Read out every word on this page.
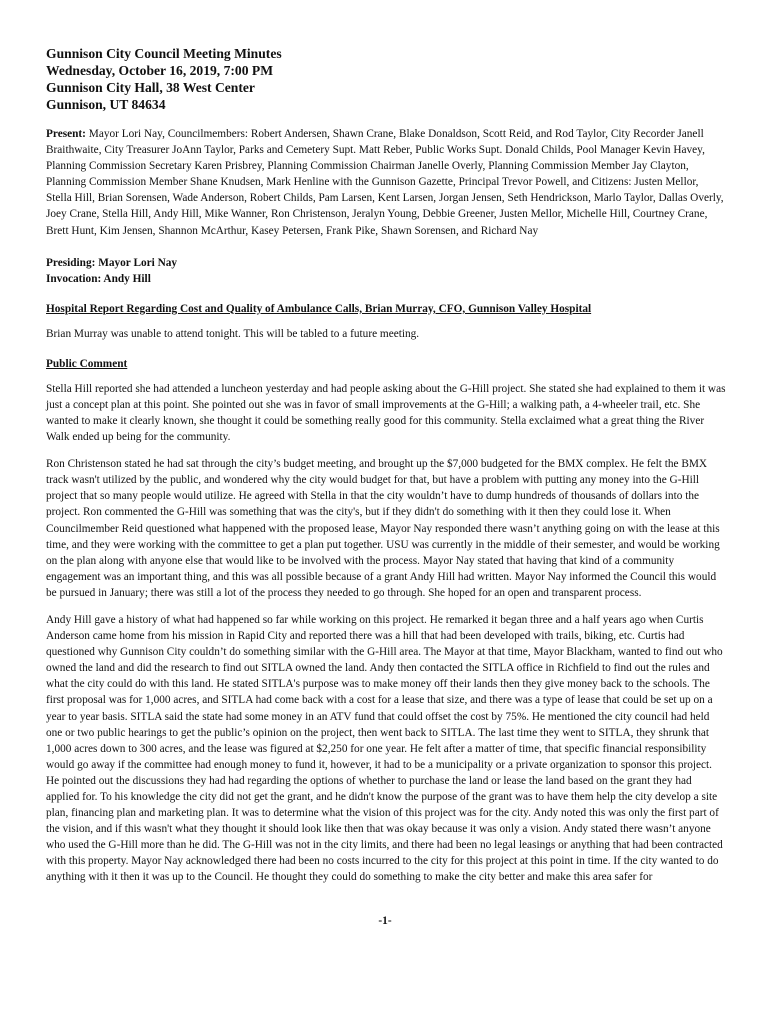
Gunnison City Council Meeting Minutes
Wednesday, October 16, 2019, 7:00 PM
Gunnison City Hall, 38 West Center
Gunnison, UT 84634

Present: Mayor Lori Nay, Councilmembers: Robert Andersen, Shawn Crane, Blake Donaldson, Scott Reid, and Rod Taylor, City Recorder Janell Braithwaite, City Treasurer JoAnn Taylor, Parks and Cemetery Supt. Matt Reber, Public Works Supt. Donald Childs, Pool Manager Kevin Havey, Planning Commission Secretary Karen Prisbrey, Planning Commission Chairman Janelle Overly, Planning Commission Member Jay Clayton, Planning Commission Member Shane Knudsen, Mark Henline with the Gunnison Gazette, Principal Trevor Powell, and Citizens: Justen Mellor, Stella Hill, Brian Sorensen, Wade Anderson, Robert Childs, Pam Larsen, Kent Larsen, Jorgan Jensen, Seth Hendrickson, Marlo Taylor, Dallas Overly, Joey Crane, Stella Hill, Andy Hill, Mike Wanner, Ron Christenson, Jeralyn Young, Debbie Greener, Justen Mellor, Michelle Hill, Courtney Crane, Brett Hunt, Kim Jensen, Shannon McArthur, Kasey Petersen, Frank Pike, Shawn Sorensen, and Richard Nay

Presiding: Mayor Lori Nay
Invocation: Andy Hill
Hospital Report Regarding Cost and Quality of Ambulance Calls, Brian Murray, CFO, Gunnison Valley Hospital

Brian Murray was unable to attend tonight. This will be tabled to a future meeting.

Public Comment

Stella Hill reported she had attended a luncheon yesterday and had people asking about the G-Hill project. She stated she had explained to them it was just a concept plan at this point. She pointed out she was in favor of small improvements at the G-Hill; a walking path, a 4-wheeler trail, etc. She wanted to make it clearly known, she thought it could be something really good for this community. Stella exclaimed what a great thing the River Walk ended up being for the community.

Ron Christenson stated he had sat through the city’s budget meeting, and brought up the $7,000 budgeted for the BMX complex. He felt the BMX track wasn't utilized by the public, and wondered why the city would budget for that, but have a problem with putting any money into the G-Hill project that so many people would utilize. He agreed with Stella in that the city wouldn’t have to dump hundreds of thousands of dollars into the project. Ron commented the G-Hill was something that was the city's, but if they didn't do something with it then they could lose it. When Councilmember Reid questioned what happened with the proposed lease, Mayor Nay responded there wasn’t anything going on with the lease at this time, and they were working with the committee to get a plan put together. USU was currently in the middle of their semester, and would be working on the plan along with anyone else that would like to be involved with the process. Mayor Nay stated that having that kind of a community engagement was an important thing, and this was all possible because of a grant Andy Hill had written. Mayor Nay informed the Council this would be pursued in January; there was still a lot of the process they needed to go through. She hoped for an open and transparent process.

Andy Hill gave a history of what had happened so far while working on this project. He remarked it began three and a half years ago when Curtis Anderson came home from his mission in Rapid City and reported there was a hill that had been developed with trails, biking, etc. Curtis had questioned why Gunnison City couldn’t do something similar with the G-Hill area. The Mayor at that time, Mayor Blackham, wanted to find out who owned the land and did the research to find out SITLA owned the land. Andy then contacted the SITLA office in Richfield to find out the rules and what the city could do with this land. He stated SITLA's purpose was to make money off their lands then they give money back to the schools. The first proposal was for 1,000 acres, and SITLA had come back with a cost for a lease that size, and there was a type of lease that could be set up on a year to year basis. SITLA said the state had some money in an ATV fund that could offset the cost by 75%. He mentioned the city council had held one or two public hearings to get the public’s opinion on the project, then went back to SITLA. The last time they went to SITLA, they shrunk that 1,000 acres down to 300 acres, and the lease was figured at $2,250 for one year. He felt after a matter of time, that specific financial responsibility would go away if the committee had enough money to fund it, however, it had to be a municipality or a private organization to sponsor this project. He pointed out the discussions they had had regarding the options of whether to purchase the land or lease the land based on the grant they had applied for. To his knowledge the city did not get the grant, and he didn't know the purpose of the grant was to have them help the city develop a site plan, financing plan and marketing plan. It was to determine what the vision of this project was for the city. Andy noted this was only the first part of the vision, and if this wasn't what they thought it should look like then that was okay because it was only a vision. Andy stated there wasn’t anyone who used the G-Hill more than he did. The G-Hill was not in the city limits, and there had been no legal leasings or anything that had been contracted with this property. Mayor Nay acknowledged there had been no costs incurred to the city for this project at this point in time. If the city wanted to do anything with it then it was up to the Council. He thought they could do something to make the city better and make this area safer for

-1-
